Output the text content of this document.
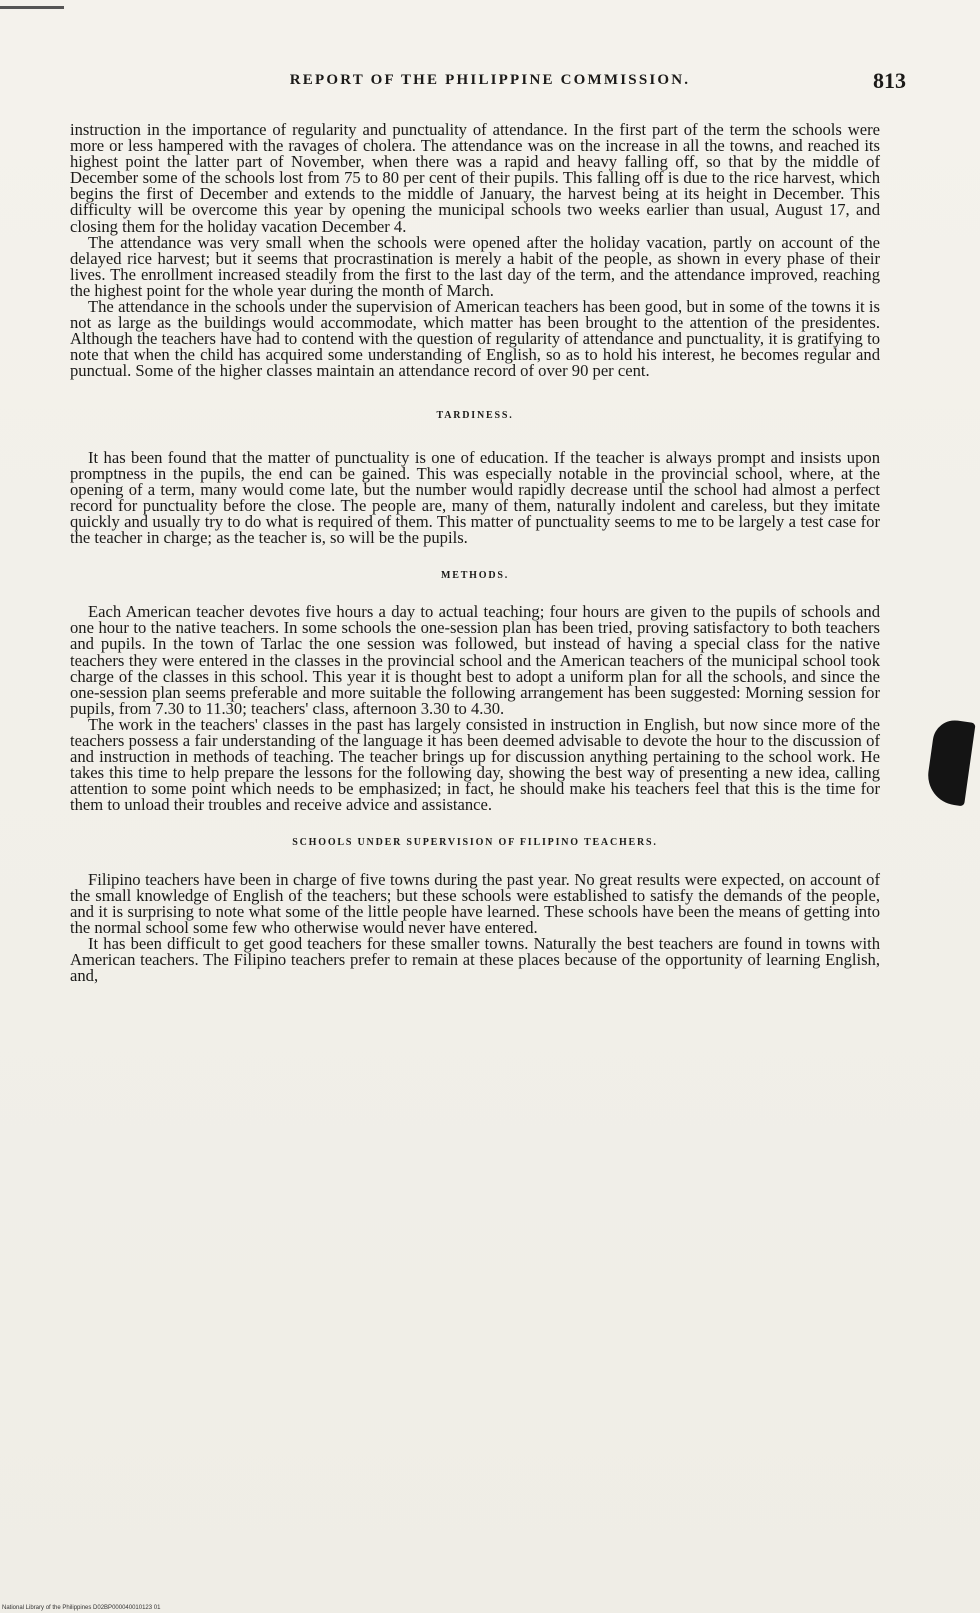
REPORT OF THE PHILIPPINE COMMISSION.	813

instruction in the importance of regularity and punctuality of attendance. In the first part of the term the schools were more or less hampered with the ravages of cholera. The attendance was on the increase in all the towns, and reached its highest point the latter part of November, when there was a rapid and heavy falling off, so that by the middle of December some of the schools lost from 75 to 80 per cent of their pupils. This falling off is due to the rice harvest, which begins the first of December and extends to the middle of January, the harvest being at its height in December. This difficulty will be overcome this year by opening the municipal schools two weeks earlier than usual, August 17, and closing them for the holiday vacation December 4.

The attendance was very small when the schools were opened after the holiday vacation, partly on account of the delayed rice harvest; but it seems that procrastination is merely a habit of the people, as shown in every phase of their lives. The enrollment increased steadily from the first to the last day of the term, and the attendance improved, reaching the highest point for the whole year during the month of March.

The attendance in the schools under the supervision of American teachers has been good, but in some of the towns it is not as large as the buildings would accommodate, which matter has been brought to the attention of the presidentes. Although the teachers have had to contend with the question of regularity of attendance and punctuality, it is gratifying to note that when the child has acquired some understanding of English, so as to hold his interest, he becomes regular and punctual. Some of the higher classes maintain an attendance record of over 90 per cent.

TARDINESS.

It has been found that the matter of punctuality is one of education. If the teacher is always prompt and insists upon promptness in the pupils, the end can be gained. This was especially notable in the provincial school, where, at the opening of a term, many would come late, but the number would rapidly decrease until the school had almost a perfect record for punctuality before the close. The people are, many of them, naturally indolent and careless, but they imitate quickly and usually try to do what is required of them. This matter of punctuality seems to me to be largely a test case for the teacher in charge; as the teacher is, so will be the pupils.

METHODS.

Each American teacher devotes five hours a day to actual teaching; four hours are given to the pupils of schools and one hour to the native teachers. In some schools the one-session plan has been tried, proving satisfactory to both teachers and pupils. In the town of Tarlac the one session was followed, but instead of having a special class for the native teachers they were entered in the classes in the provincial school and the American teachers of the municipal school took charge of the classes in this school. This year it is thought best to adopt a uniform plan for all the schools, and since the one-session plan seems preferable and more suitable the following arrangement has been suggested: Morning session for pupils, from 7.30 to 11.30; teachers' class, afternoon 3.30 to 4.30.

The work in the teachers' classes in the past has largely consisted in instruction in English, but now since more of the teachers possess a fair understanding of the language it has been deemed advisable to devote the hour to the discussion of and instruction in methods of teaching. The teacher brings up for discussion anything pertaining to the school work. He takes this time to help prepare the lessons for the following day, showing the best way of presenting a new idea, calling attention to some point which needs to be emphasized; in fact, he should make his teachers feel that this is the time for them to unload their troubles and receive advice and assistance.

SCHOOLS UNDER SUPERVISION OF FILIPINO TEACHERS.

Filipino teachers have been in charge of five towns during the past year. No great results were expected, on account of the small knowledge of English of the teachers; but these schools were established to satisfy the demands of the people, and it is surprising to note what some of the little people have learned. These schools have been the means of getting into the normal school some few who otherwise would never have entered.

It has been difficult to get good teachers for these smaller towns. Naturally the best teachers are found in towns with American teachers. The Filipino teachers prefer to remain at these places because of the opportunity of learning English, and,

National Library of the Philippines D02BP000040010123 01
